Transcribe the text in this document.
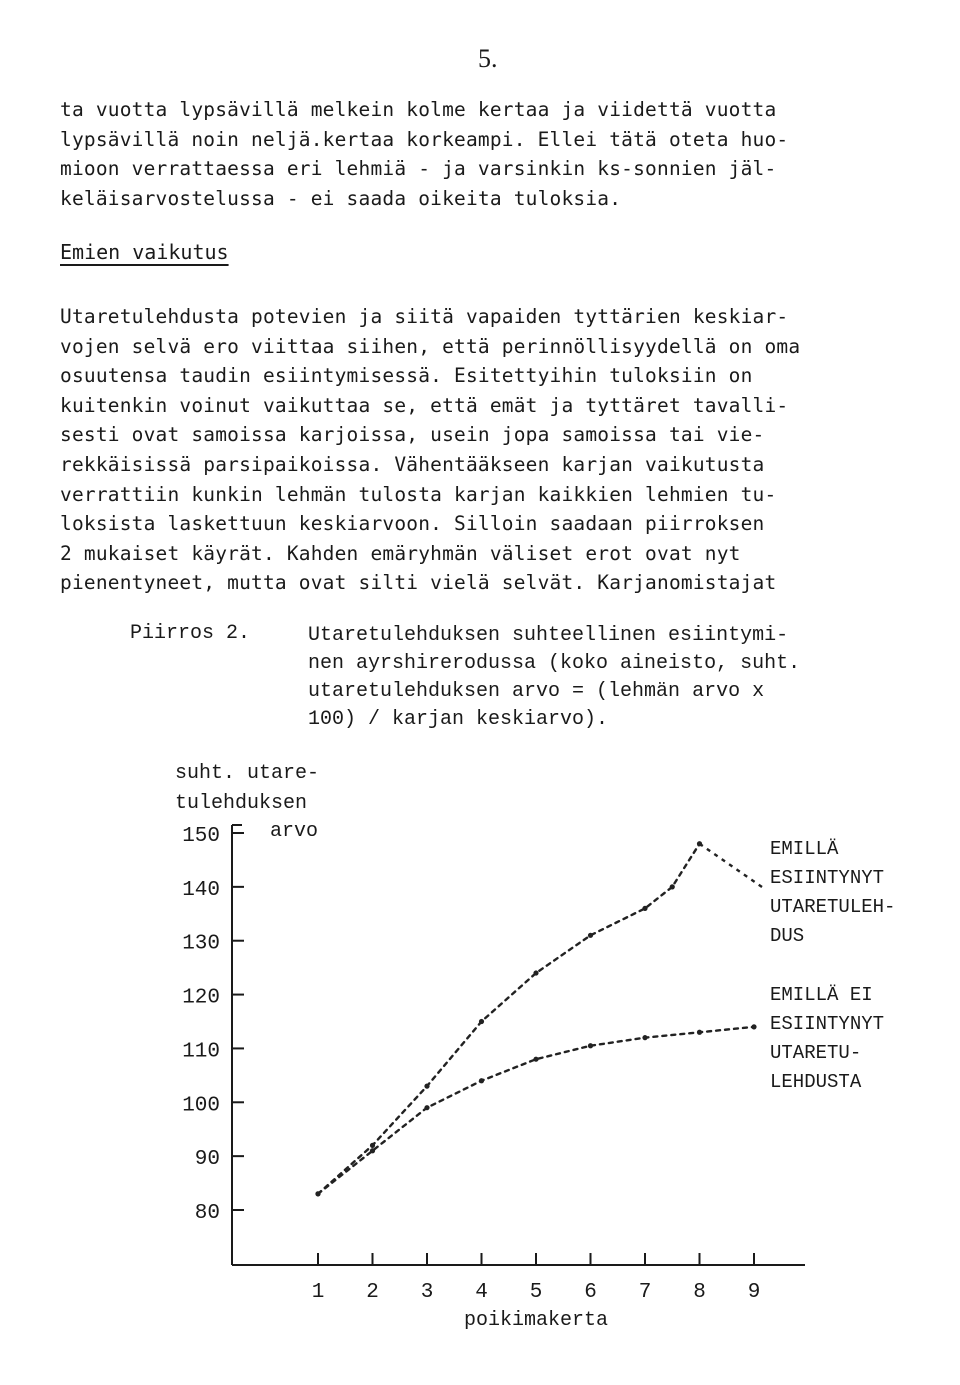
5.
ta vuotta lypsävillä melkein kolme kertaa ja viidettä vuotta
lypsävillä noin neljä.kertaa korkeampi. Ellei tätä oteta huo-
mioon verrattaessa eri lehmiä - ja varsinkin ks-sonnien jäl-
keläisarvostelussa - ei saada oikeita tuloksia.
Emien vaikutus
Utaretulehdusta potevien ja siitä vapaiden tyttärien keskiar-
vojen selvä ero viittaa siihen, että perinnöllisyydellä on oma
osuutensa taudin esiintymisessä. Esitettyihin tuloksiin on
kuitenkin voinut vaikuttaa se, että emät ja tyttäret tavalli-
sesti ovat samoissa karjoissa, usein jopa samoissa tai vie-
rekkäisissä parsipaikoissa. Vähentääkseen karjan vaikutusta
verrattiin kunkin lehmän tulosta karjan kaikkien lehmien tu-
loksista laskettuun keskiarvoon. Silloin saadaan piirroksen
2 mukaiset käyrät. Kahden emäryhmän väliset erot ovat nyt
pienentyneet, mutta ovat silti vielä selvät. Karjanomistajat
Piirros 2.	Utaretulehduksen suhteellinen esiintymi-
nen ayrshirerodussa (koko aineisto, suht.
utaretulehduksen arvo = (lehmän arvo x
100) / karjan keskiarvo).
suht. utare-
tulehduksen
arvo
150
140
130
120
110
100
90
80
1 2 3 4 5 6 7 8 9
poikimakerta
EMILLÄ
ESIINTYNYT
UTARETULEH-
DUS
EMILLÄ EI
ESIINTYNYT
UTARETU-
LEHDUSTA
